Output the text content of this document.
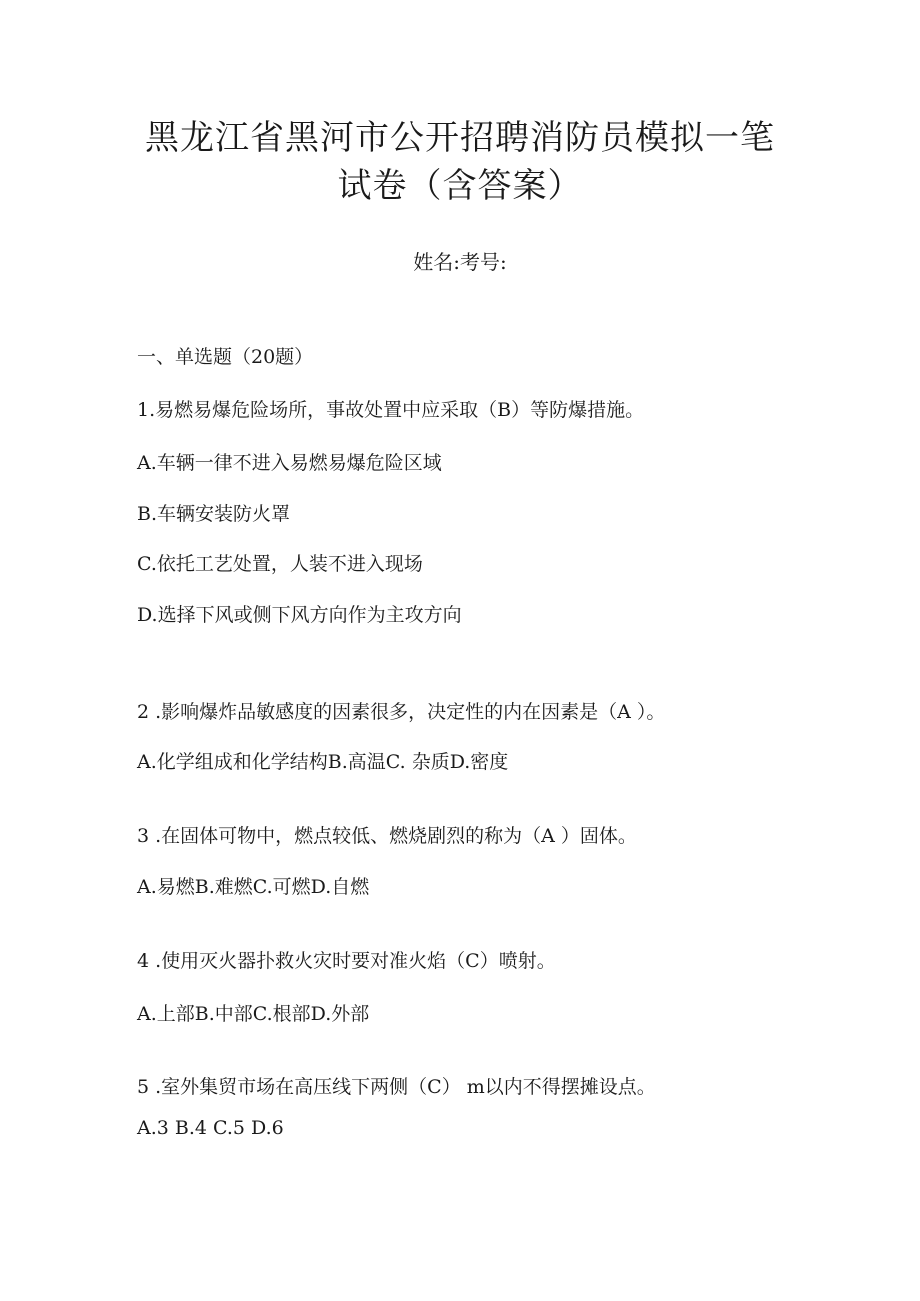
黑龙江省黑河市公开招聘消防员模拟一笔
试卷（含答案）
姓名:考号:
一、单选题（20题）
1.易燃易爆危险场所，事故处置中应采取（B）等防爆措施。
A.车辆一律不进入易燃易爆危险区域
B.车辆安装防火罩
C.依托工艺处置，人装不进入现场
D.选择下风或侧下风方向作为主攻方向
2 .影响爆炸品敏感度的因素很多，决定性的内在因素是（A ）。
A.化学组成和化学结构B.高温C. 杂质D.密度
3 .在固体可物中，燃点较低、燃烧剧烈的称为（A ）固体。
A.易燃B.难燃C.可燃D.自燃
4 .使用灭火器扑救火灾时要对准火焰（C）喷射。
A.上部B.中部C.根部D.外部
5 .室外集贸市场在高压线下两侧（C） m以内不得摆摊设点。
A.3 B.4 C.5 D.6
